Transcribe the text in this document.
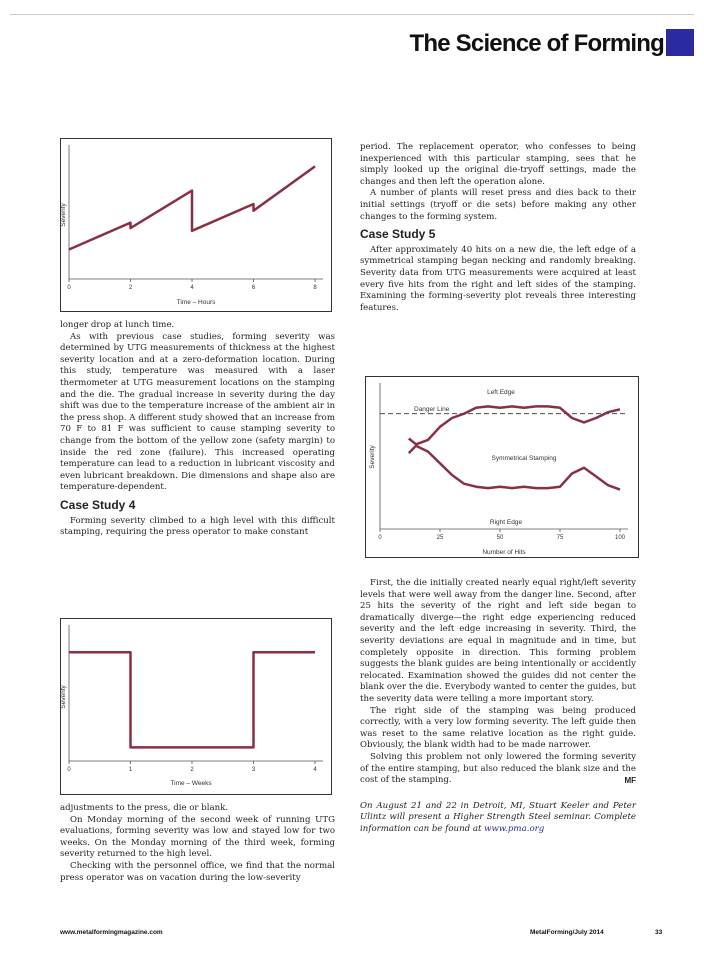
The Science of Forming
0	2	4	6	8
Time – Hours
Severity

longer drop at lunch time.

As with previous case studies, forming severity was determined by UTG measurements of thickness at the highest severity location and at a zero-deformation location. During this study, temperature was measured with a laser thermometer at UTG measurement locations on the stamping and the die. The gradual increase in severity during the day shift was due to the temperature increase of the ambient air in the press shop. A different study showed that an increase from 70 F to 81 F was sufficient to cause stamping severity to change from the bottom of the yellow zone (safety margin) to inside the red zone (failure). This increased operating temperature can lead to a reduction in lubricant viscosity and even lubricant breakdown. Die dimensions and shape also are temperature-dependent.

Case Study 4

Forming severity climbed to a high level with this difficult stamping, requiring the press operator to make constant

0	1	2	3	4
Time – Weeks
Severity

adjustments to the press, die or blank.

On Monday morning of the second week of running UTG evaluations, forming severity was low and stayed low for two weeks. On the Monday morning of the third week, forming severity returned to the high level.

Checking with the personnel office, we find that the normal press operator was on vacation during the low-severity

period. The replacement operator, who confesses to being inexperienced with this particular stamping, sees that he simply looked up the original die-tryoff settings, made the changes and then left the operation alone.

A number of plants will reset press and dies back to their initial settings (tryoff or die sets) before making any other changes to the forming system.

Case Study 5

After approximately 40 hits on a new die, the left edge of a symmetrical stamping began necking and randomly breaking. Severity data from UTG measurements were acquired at least every five hits from the right and left sides of the stamping. Examining the forming-severity plot reveals three interesting features.

0	25	50	75	100
Danger Line
Left Edge
Symmetrical Stamping
Right Edge
Number of Hits
Severity

First, the die initially created nearly equal right/left severity levels that were well away from the danger line. Second, after 25 hits the severity of the right and left side began to dramatically diverge—the right edge experiencing reduced severity and the left edge increasing in severity. Third, the severity deviations are equal in magnitude and in time, but completely opposite in direction. This forming problem suggests the blank guides are being intentionally or accidently relocated. Examination showed the guides did not center the blank over the die. Everybody wanted to center the guides, but the severity data were telling a more important story.

The right side of the stamping was being produced correctly, with a very low forming severity. The left guide then was reset to the same relative location as the right guide. Obviously, the blank width had to be made narrower.

Solving this problem not only lowered the forming severity of the entire stamping, but also reduced the blank size and the cost of the stamping.	MF

On August 21 and 22 in Detroit, MI, Stuart Keeler and Peter Ulintz will present a Higher Strength Steel seminar. Complete information can be found at www.pma.org

www.metalformingmagazine.com	MetalForming/July 2014	33
